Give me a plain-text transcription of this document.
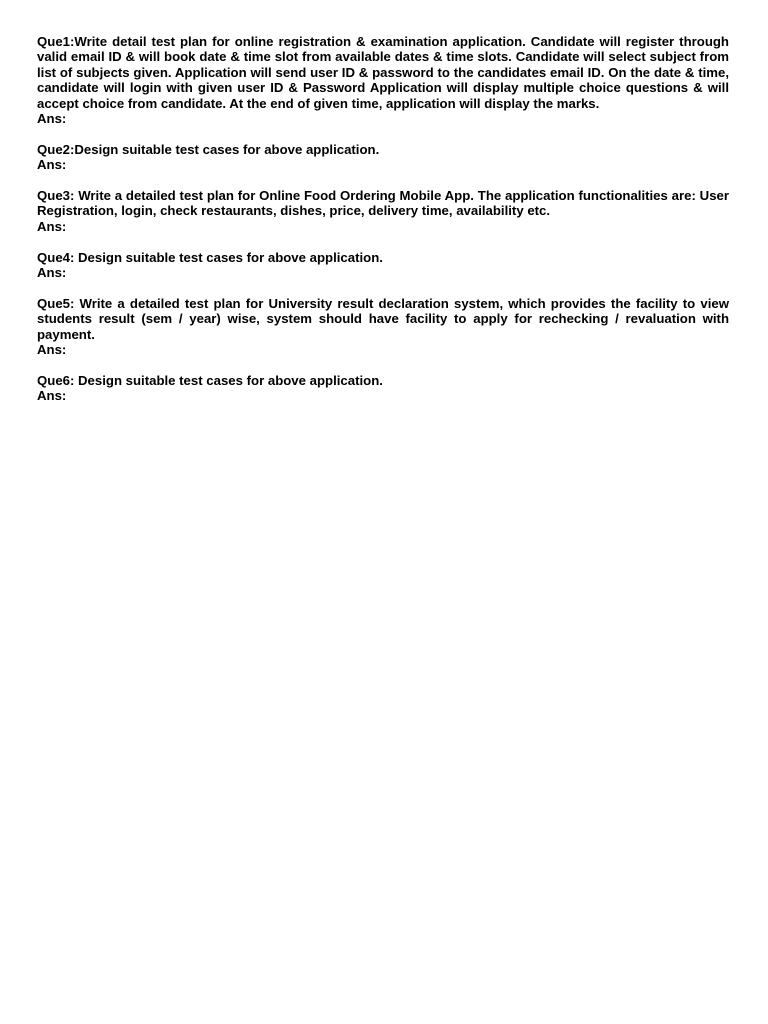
Que1:Write detail test plan for online registration & examination application. Candidate will register through valid email ID & will book date & time slot from available dates & time slots. Candidate will select subject from list of subjects given. Application will send user ID & password to the candidates email ID. On the date & time, candidate will login with given user ID & Password Application will display multiple choice questions & will accept choice from candidate. At the end of given time, application will display the marks.

Ans:

Que2:Design suitable test cases for above application.

Ans:

Que3: Write a detailed test plan for Online Food Ordering Mobile App. The application functionalities are: User Registration, login, check restaurants, dishes, price, delivery time, availability etc.

Ans:

Que4: Design suitable test cases for above application.

Ans:

Que5: Write a detailed test plan for University result declaration system, which provides the facility to view students result (sem / year) wise, system should have facility to apply for rechecking / revaluation with payment.

Ans:

Que6: Design suitable test cases for above application.

Ans:
